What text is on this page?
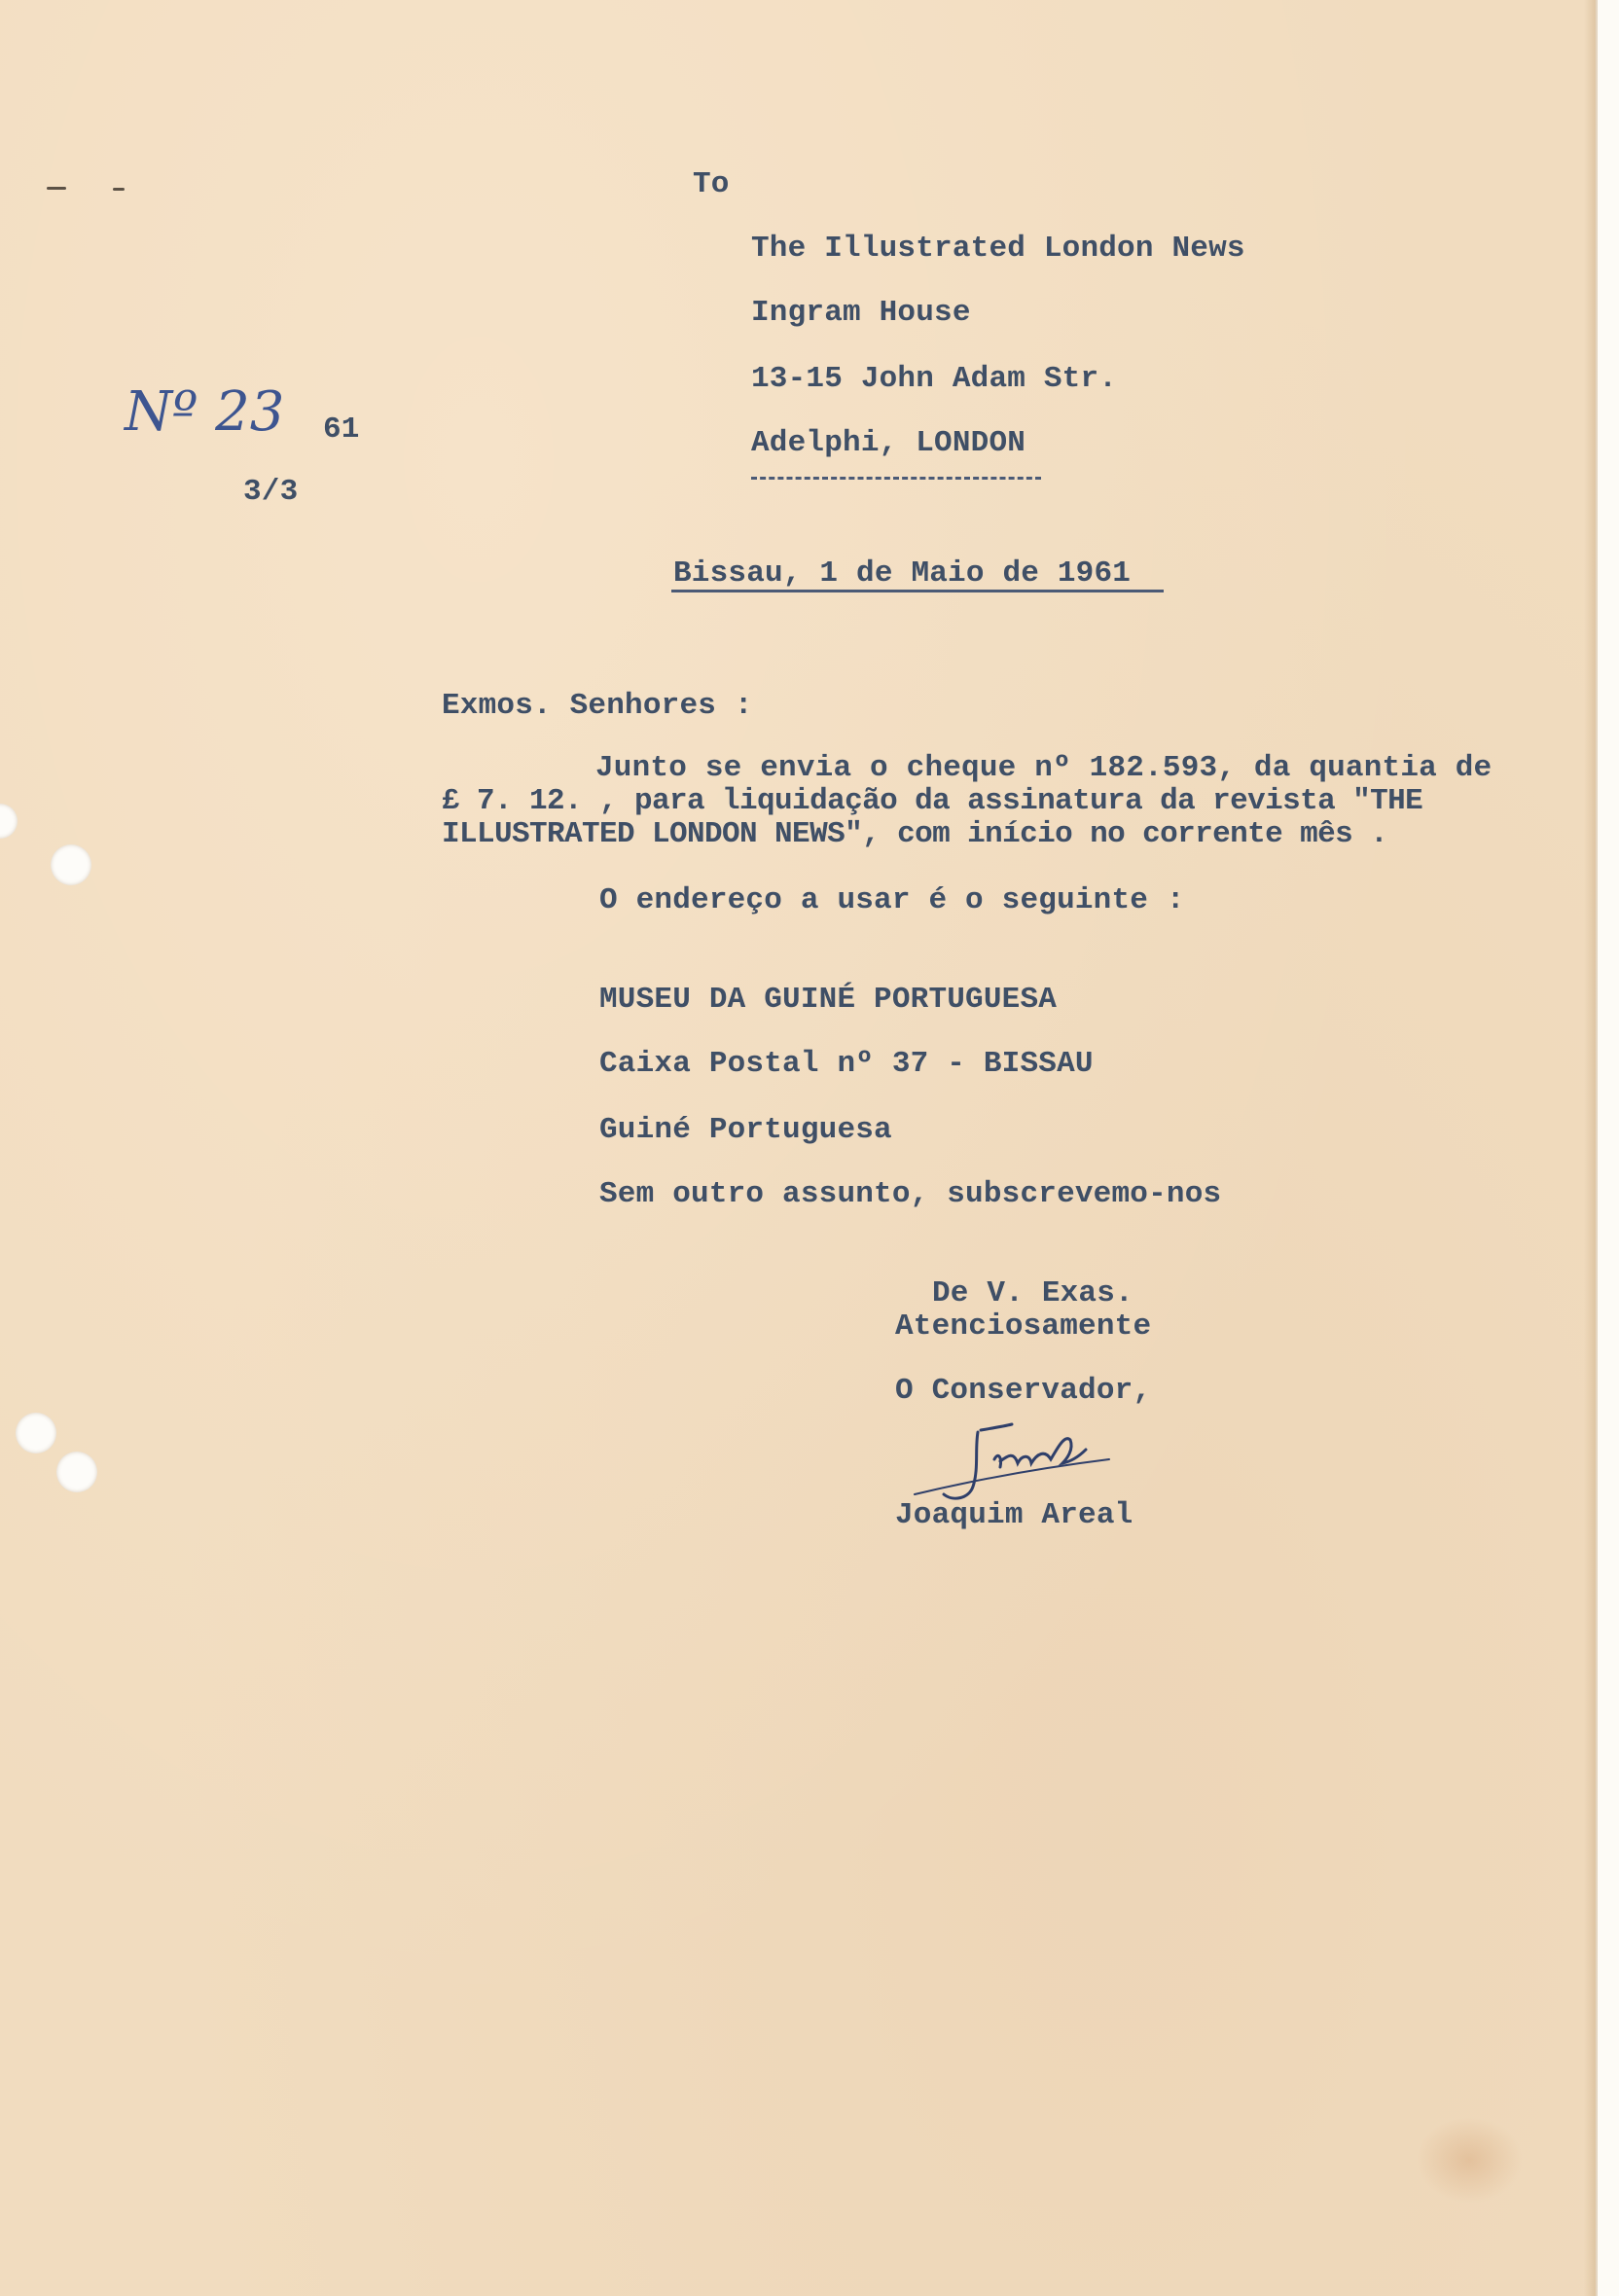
To

The Illustrated London News

Ingram House

13-15 John Adam Str.

Adelphi, LONDON

Nº 23 61

3/3

Bissau, 1 de Maio de 1961

Exmos. Senhores :

Junto se envia o cheque nº 182.593, da quantia de

£ 7. 12. , para liquidação da assinatura da revista "THE

ILLUSTRATED LONDON NEWS", com início no corrente mês .

O endereço a usar é o seguinte :

MUSEU DA GUINÉ PORTUGUESA

Caixa Postal nº 37 - BISSAU

Guiné Portuguesa

Sem outro assunto, subscrevemo-nos

De V. Exas.

Atenciosamente

O Conservador,

Joaquim Areal
